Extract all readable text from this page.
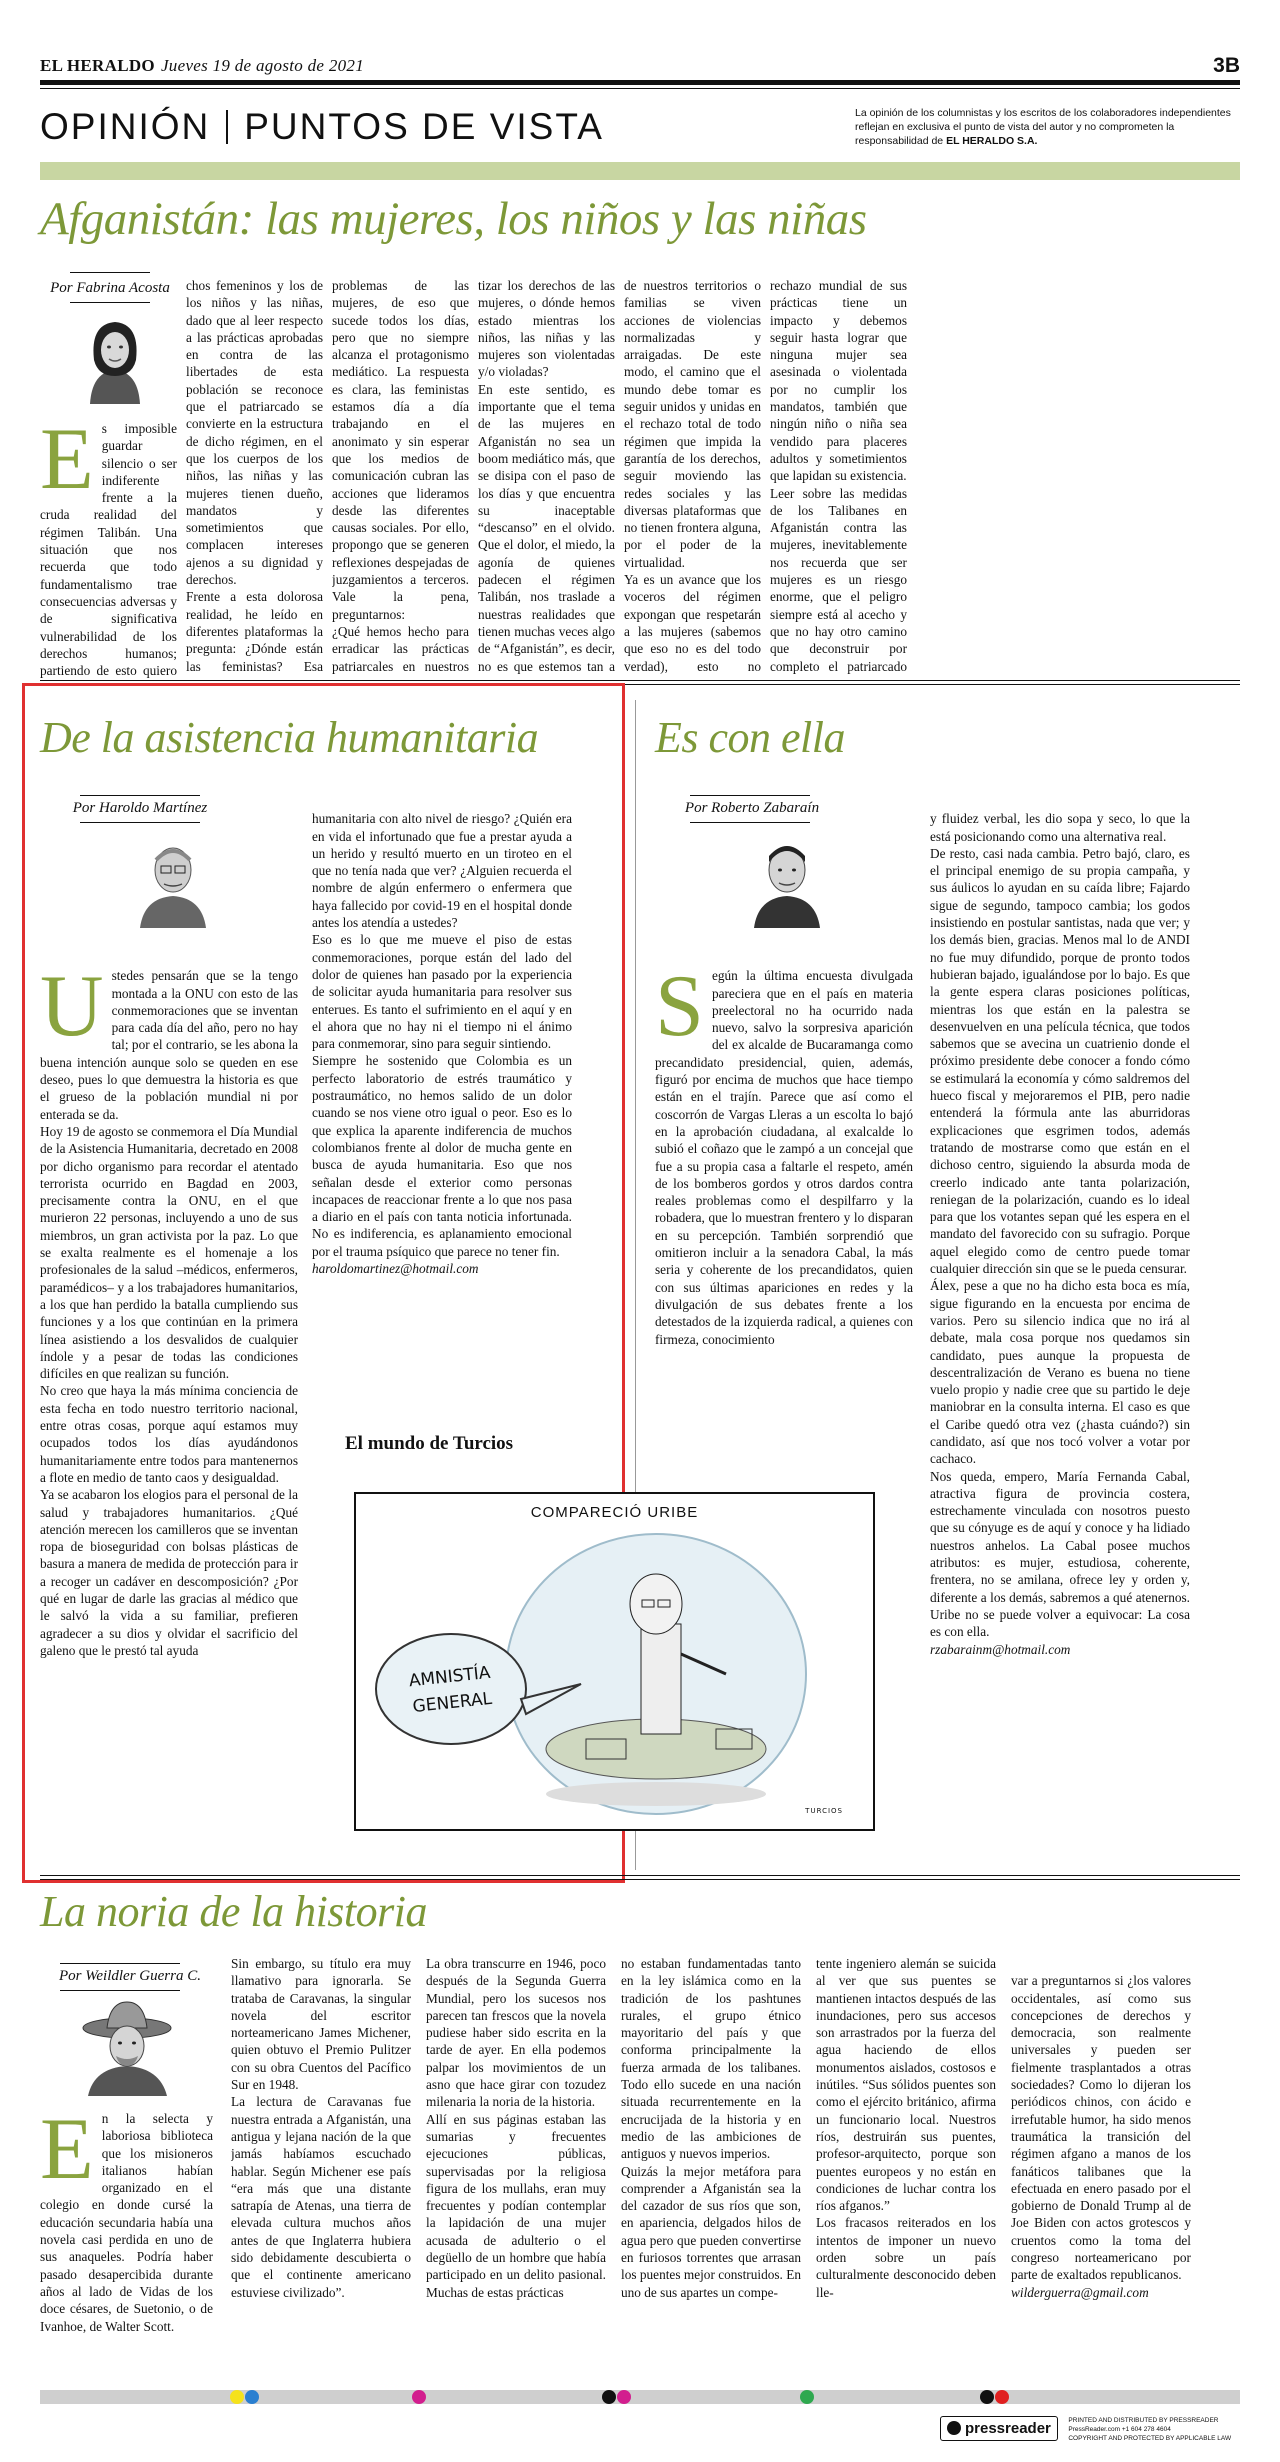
EL HERALDO Jueves 19 de agosto de 2021	3B
OPINIÓN PUNTOS DE VISTA	La opinión de los columnistas y los escritos de los colaboradores independientes reflejan en exclusiva el punto de vista del autor y no comprometen la responsabilidad de EL HERALDO S.A.
Afganistán: las mujeres, los niños y las niñas
Por Fabrina Acosta
Es imposible guardar silencio o ser indiferente frente a la cruda realidad del régimen Talibán. Una situación que nos recuerda que todo fundamentalismo trae consecuencias adversas y de significativa vulnerabilidad de los derechos humanos; partiendo de esto quiero
chos femeninos y los de los niños y las niñas, dado que al leer respecto a las prácticas aprobadas en contra de las libertades de esta población se reconoce que el patriarcado se convierte en la estructura de dicho régimen, en el que los cuerpos de los niños, las niñas y las mujeres tienen dueño, mandatos y sometimientos que complacen intereses ajenos a su dignidad y derechos.
Frente a esta dolorosa realidad, he leído en diferentes plataformas la pregunta: ¿Dónde están las feministas? Esa
problemas de las mujeres, de eso que sucede todos los días, pero que no siempre alcanza el protagonismo mediático. La respuesta es clara, las feministas estamos día a día trabajando en el anonimato y sin esperar que los medios de comunicación cubran las acciones que lideramos desde las diferentes causas sociales. Por ello, propongo que se generen reflexiones despejadas de juzgamientos a terceros. Vale la pena, preguntarnos:
¿Qué hemos hecho para erradicar las prácticas patriarcales en nuestros
tizar los derechos de las mujeres, o dónde hemos estado mientras los niños, las niñas y las mujeres son violentadas y/o violadas?
En este sentido, es importante que el tema de las mujeres en Afganistán no sea un boom mediático más, que se disipa con el paso de los días y que encuentra su inaceptable “descanso” en el olvido. Que el dolor, el miedo, la agonía de quienes padecen el régimen Talibán, nos traslade a nuestras realidades que tienen muchas veces algo de “Afganistán”, es decir, no es que estemos tan a
de nuestros territorios o familias se viven acciones de violencias normalizadas y arraigadas. De este modo, el camino que el mundo debe tomar es seguir unidos y unidas en el rechazo total de todo régimen que impida la garantía de los derechos, seguir moviendo las redes sociales y las diversas plataformas que no tienen frontera alguna, por el poder de la virtualidad.
Ya es un avance que los voceros del régimen expongan que respetarán a las mujeres (sabemos que eso no es del todo verdad), esto no
rechazo mundial de sus prácticas tiene un impacto y debemos seguir hasta lograr que ninguna mujer sea asesinada o violentada por no cumplir los mandatos, también que ningún niño o niña sea vendido para placeres adultos y sometimientos que lapidan su existencia.
Leer sobre las medidas de los Talibanes en Afganistán contra las mujeres, inevitablemente nos recuerda que ser mujeres es un riesgo enorme, que el peligro siempre está al acecho y que no hay otro camino que deconstruir por completo el patriarcado
De la asistencia humanitaria
Por Haroldo Martínez

Ustedes pensarán que se la tengo montada a la ONU con esto de las conmemoraciones que se inventan para cada día del año, pero no hay tal; por el contrario, se les abona la buena intención aunque solo se queden en ese deseo, pues lo que demuestra la historia es que el grueso de la población mundial ni por enterada se da.
Hoy 19 de agosto se conmemora el Día Mundial de la Asistencia Humanitaria, decretado en 2008 por dicho organismo para recordar el atentado terrorista ocurrido en Bagdad en 2003, precisamente contra la ONU, en el que murieron 22 personas, incluyendo a uno de sus miembros, un gran activista por la paz. Lo que se exalta realmente es el homenaje a los profesionales de la salud –médicos, enfermeros, paramédicos– y a los trabajadores humanitarios, a los que han perdido la batalla cumpliendo sus funciones y a los que continúan en la primera línea asistiendo a los desvalidos de cualquier índole y a pesar de todas las condiciones difíciles en que realizan su función.
No creo que haya la más mínima conciencia de esta fecha en todo nuestro territorio nacional, entre otras cosas, porque aquí estamos muy ocupados todos los días ayudándonos humanitariamente entre todos para mantenernos a flote en medio de tanto caos y desigualdad.
Ya se acabaron los elogios para el personal de la salud y trabajadores humanitarios. ¿Qué atención merecen los camilleros que se inventan ropa de bioseguridad con bolsas plásticas de basura a manera de medida de protección para ir a recoger un cadáver en descomposición? ¿Por qué en lugar de darle las gracias al médico que le salvó la vida a su familiar, prefieren agradecer a su dios y olvidar el sacrificio del galeno que le prestó tal ayuda

humanitaria con alto nivel de riesgo? ¿Quién era en vida el infortunado que fue a prestar ayuda a un herido y resultó muerto en un tiroteo en el que no tenía nada que ver? ¿Alguien recuerda el nombre de algún enfermero o enfermera que haya fallecido por covid-19 en el hospital donde antes los atendía a ustedes?
Eso es lo que me mueve el piso de estas conmemoraciones, porque están del lado del dolor de quienes han pasado por la experiencia de solicitar ayuda humanitaria para resolver sus enterues. Es tanto el sufrimiento en el aquí y en el ahora que no hay ni el tiempo ni el ánimo para conmemorar, sino para seguir sintiendo.
Siempre he sostenido que Colombia es un perfecto laboratorio de estrés traumático y postraumático, no hemos salido de un dolor cuando se nos viene otro igual o peor. Eso es lo que explica la aparente indiferencia de muchos colombianos frente al dolor de mucha gente en busca de ayuda humanitaria. Eso que nos señalan desde el exterior como personas incapaces de reaccionar frente a lo que nos pasa a diario en el país con tanta noticia infortunada. No es indiferencia, es aplanamiento emocional por el trauma psíquico que parece no tener fin.
haroldomartinez@hotmail.com

El mundo de Turcios
COMPARECIÓ URIBE
AMNISTÍA
GENERAL
TURCIOS
Es con ella
Por Roberto Zabaraín

Según la última encuesta divulgada pareciera que en el país en materia preelectoral no ha ocurrido nada nuevo, salvo la sorpresiva aparición del ex alcalde de Bucaramanga como precandidato presidencial, quien, además, figuró por encima de muchos que hace tiempo están en el trajín. Parece que así como el coscorrón de Vargas Lleras a un escolta lo bajó en la aprobación ciudadana, al exalcalde lo subió el coñazo que le zampó a un concejal que fue a su propia casa a faltarle el respeto, amén de los bomberos gordos y otros dardos contra reales problemas como el despilfarro y la robadera, que lo muestran frentero y lo disparan en su percepción. También sorprendió que omitieron incluir a la senadora Cabal, la más seria y coherente de los precandidatos, quien con sus últimas apariciones en redes y la divulgación de sus debates frente a los detestados de la izquierda radical, a quienes con firmeza, conocimiento

y fluidez verbal, les dio sopa y seco, lo que la está posicionando como una alternativa real.
De resto, casi nada cambia. Petro bajó, claro, es el principal enemigo de su propia campaña, y sus áulicos lo ayudan en su caída libre; Fajardo sigue de segundo, tampoco cambia; los godos insistiendo en postular santistas, nada que ver; y los demás bien, gracias. Menos mal lo de ANDI no fue muy difundido, porque de pronto todos hubieran bajado, igualándose por lo bajo. Es que la gente espera claras posiciones políticas, mientras los que están en la palestra se desenvuelven en una película técnica, que todos sabemos que se avecina un cuatrienio donde el próximo presidente debe conocer a fondo cómo se estimulará la economía y cómo saldremos del hueco fiscal y mejoraremos el PIB, pero nadie entenderá la fórmula ante las aburridoras explicaciones que esgrimen todos, además tratando de mostrarse como que están en el dichoso centro, siguiendo la absurda moda de creerlo indicado ante tanta polarización, reniegan de la polarización, cuando es lo ideal para que los votantes sepan qué les espera en el mandato del favorecido con su sufragio. Porque aquel elegido como de centro puede tomar cualquier dirección sin que se le pueda censurar.
Álex, pese a que no ha dicho esta boca es mía, sigue figurando en la encuesta por encima de varios. Pero su silencio indica que no irá al debate, mala cosa porque nos quedamos sin candidato, pues aunque la propuesta de descentralización de Verano es buena no tiene vuelo propio y nadie cree que su partido le deje maniobrar en la consulta interna. El caso es que el Caribe quedó otra vez (¿hasta cuándo?) sin candidato, así que nos tocó volver a votar por cachaco.
Nos queda, empero, María Fernanda Cabal, atractiva figura de provincia costera, estrechamente vinculada con nosotros puesto que su cónyuge es de aquí y conoce y ha lidiado nuestros anhelos. La Cabal posee muchos atributos: es mujer, estudiosa, coherente, frentera, no se amilana, ofrece ley y orden y, diferente a los demás, sabremos a qué atenernos. Uribe no se puede volver a equivocar: La cosa es con ella.
rzabarainm@hotmail.com

La noria de la historia
Por Weildler Guerra C.
En la selecta y laboriosa biblioteca que los misioneros italianos habían organizado en el colegio en donde cursé la educación secundaria había una novela casi perdida en uno de sus anaqueles. Podría haber pasado desapercibida durante años al lado de Vidas de los doce césares, de Suetonio, o de Ivanhoe, de Walter Scott.
Sin embargo, su título era muy llamativo para ignorarla. Se trataba de Caravanas, la singular novela del escritor norteamericano James Michener, quien obtuvo el Premio Pulitzer con su obra Cuentos del Pacífico Sur en 1948.
La lectura de Caravanas fue nuestra entrada a Afganistán, una antigua y lejana nación de la que jamás habíamos escuchado hablar. Según Michener ese país “era más que una distante satrapía de Atenas, una tierra de elevada cultura muchos años antes de que Inglaterra hubiera sido debidamente descubierta o que el continente americano estuviese civilizado”.
La obra transcurre en 1946, poco después de la Segunda Guerra Mundial, pero los sucesos nos parecen tan frescos que la novela pudiese haber sido escrita en la tarde de ayer. En ella podemos palpar los movimientos de un asno que hace girar con tozudez milenaria la noria de la historia.
Allí en sus páginas estaban las sumarias y frecuentes ejecuciones públicas, supervisadas por la religiosa figura de los mullahs, eran muy frecuentes y podían contemplar la lapidación de una mujer acusada de adulterio o el degüello de un hombre que había participado en un delito pasional. Muchas de estas prácticas
no estaban fundamentadas tanto en la ley islámica como en la tradición de los pashtunes rurales, el grupo étnico mayoritario del país y que conforma principalmente la fuerza armada de los talibanes. Todo ello sucede en una nación situada recurrentemente en la encrucijada de la historia y en medio de las ambiciones de antiguos y nuevos imperios.
Quizás la mejor metáfora para comprender a Afganistán sea la del cazador de sus ríos que son, en apariencia, delgados hilos de agua pero que pueden convertirse en furiosos torrentes que arrasan los puentes mejor construidos. En uno de sus apartes un compe-
tente ingeniero alemán se suicida al ver que sus puentes se mantienen intactos después de las inundaciones, pero sus accesos son arrastrados por la fuerza del agua haciendo de ellos monumentos aislados, costosos e inútiles. “Sus sólidos puentes son como el ejército británico, afirma un funcionario local. Nuestros ríos, destruirán sus puentes, profesor-arquitecto, porque son puentes europeos y no están en condiciones de luchar contra los ríos afganos.”
Los fracasos reiterados en los intentos de imponer un nuevo orden sobre un país culturalmente desconocido deben lle-

var a preguntarnos si ¿los valores occidentales, así como sus concepciones de derechos y democracia, son realmente universales y pueden ser fielmente trasplantados a otras sociedades? Como lo dijeran los periódicos chinos, con ácido e irrefutable humor, ha sido menos traumática la transición del régimen afgano a manos de los fanáticos talibanes que la efectuada en enero pasado por el gobierno de Donald Trump al de Joe Biden con actos grotescos y cruentos como la toma del congreso norteamericano por parte de exaltados republicanos.
wilderguerra@gmail.com

pressreader	PRINTED AND DISTRIBUTED BY PRESSREADER
PressReader.com +1 604 278 4604
COPYRIGHT AND PROTECTED BY APPLICABLE LAW
